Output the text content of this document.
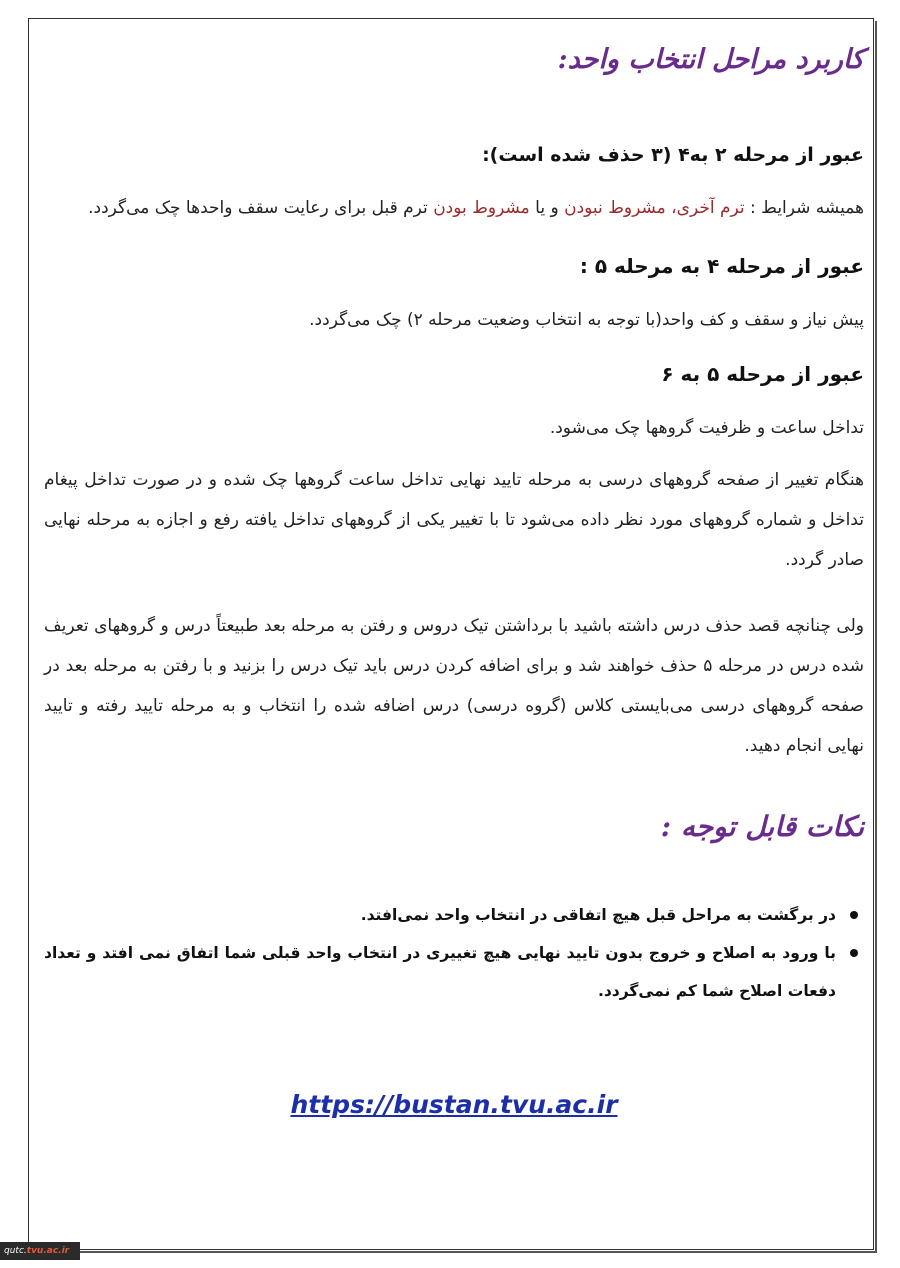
کاربرد مراحل انتخاب واحد:
عبور از مرحله ۲ به۴ (۳ حذف شده است):
همیشه شرایط : ترم آخری، مشروط نبودن و یا مشروط بودن ترم قبل برای رعایت سقف واحدها چک می‌گردد.
عبور از مرحله ۴ به مرحله ۵ :
پیش نیاز و سقف و کف واحد(با توجه به انتخاب وضعیت مرحله ۲) چک می‌گردد.
عبور از مرحله ۵ به ۶
تداخل ساعت و ظرفیت گروهها چک می‌شود.
هنگام تغییر از صفحه گروههای درسی به مرحله تایید نهایی تداخل ساعت گروهها چک شده و در صورت تداخل پیغام تداخل و شماره گروههای مورد نظر داده می‌شود تا با تغییر یکی از گروههای تداخل یافته رفع و اجازه به مرحله نهایی صادر گردد.
ولی چنانچه قصد حذف درس داشته باشید با برداشتن تیک دروس و رفتن به مرحله بعد طبیعتاً درس و گروههای تعریف شده درس در مرحله ۵ حذف خواهند شد و برای اضافه کردن درس باید تیک درس را بزنید و با رفتن به مرحله بعد در صفحه گروههای درسی می‌بایستی کلاس (گروه درسی) درس اضافه شده را انتخاب و به مرحله تایید رفته و تایید نهایی انجام دهید.
نکات قابل توجه :
در برگشت به مراحل قبل هیچ اتفاقی در انتخاب واحد نمی‌افتد.
با ورود به اصلاح و خروج بدون تایید نهایی هیچ تغییری در انتخاب واحد قبلی شما اتفاق نمی افتد و تعداد دفعات اصلاح شما کم نمی‌گردد.
https://bustan.tvu.ac.ir
qutc.tvu.ac.ir
